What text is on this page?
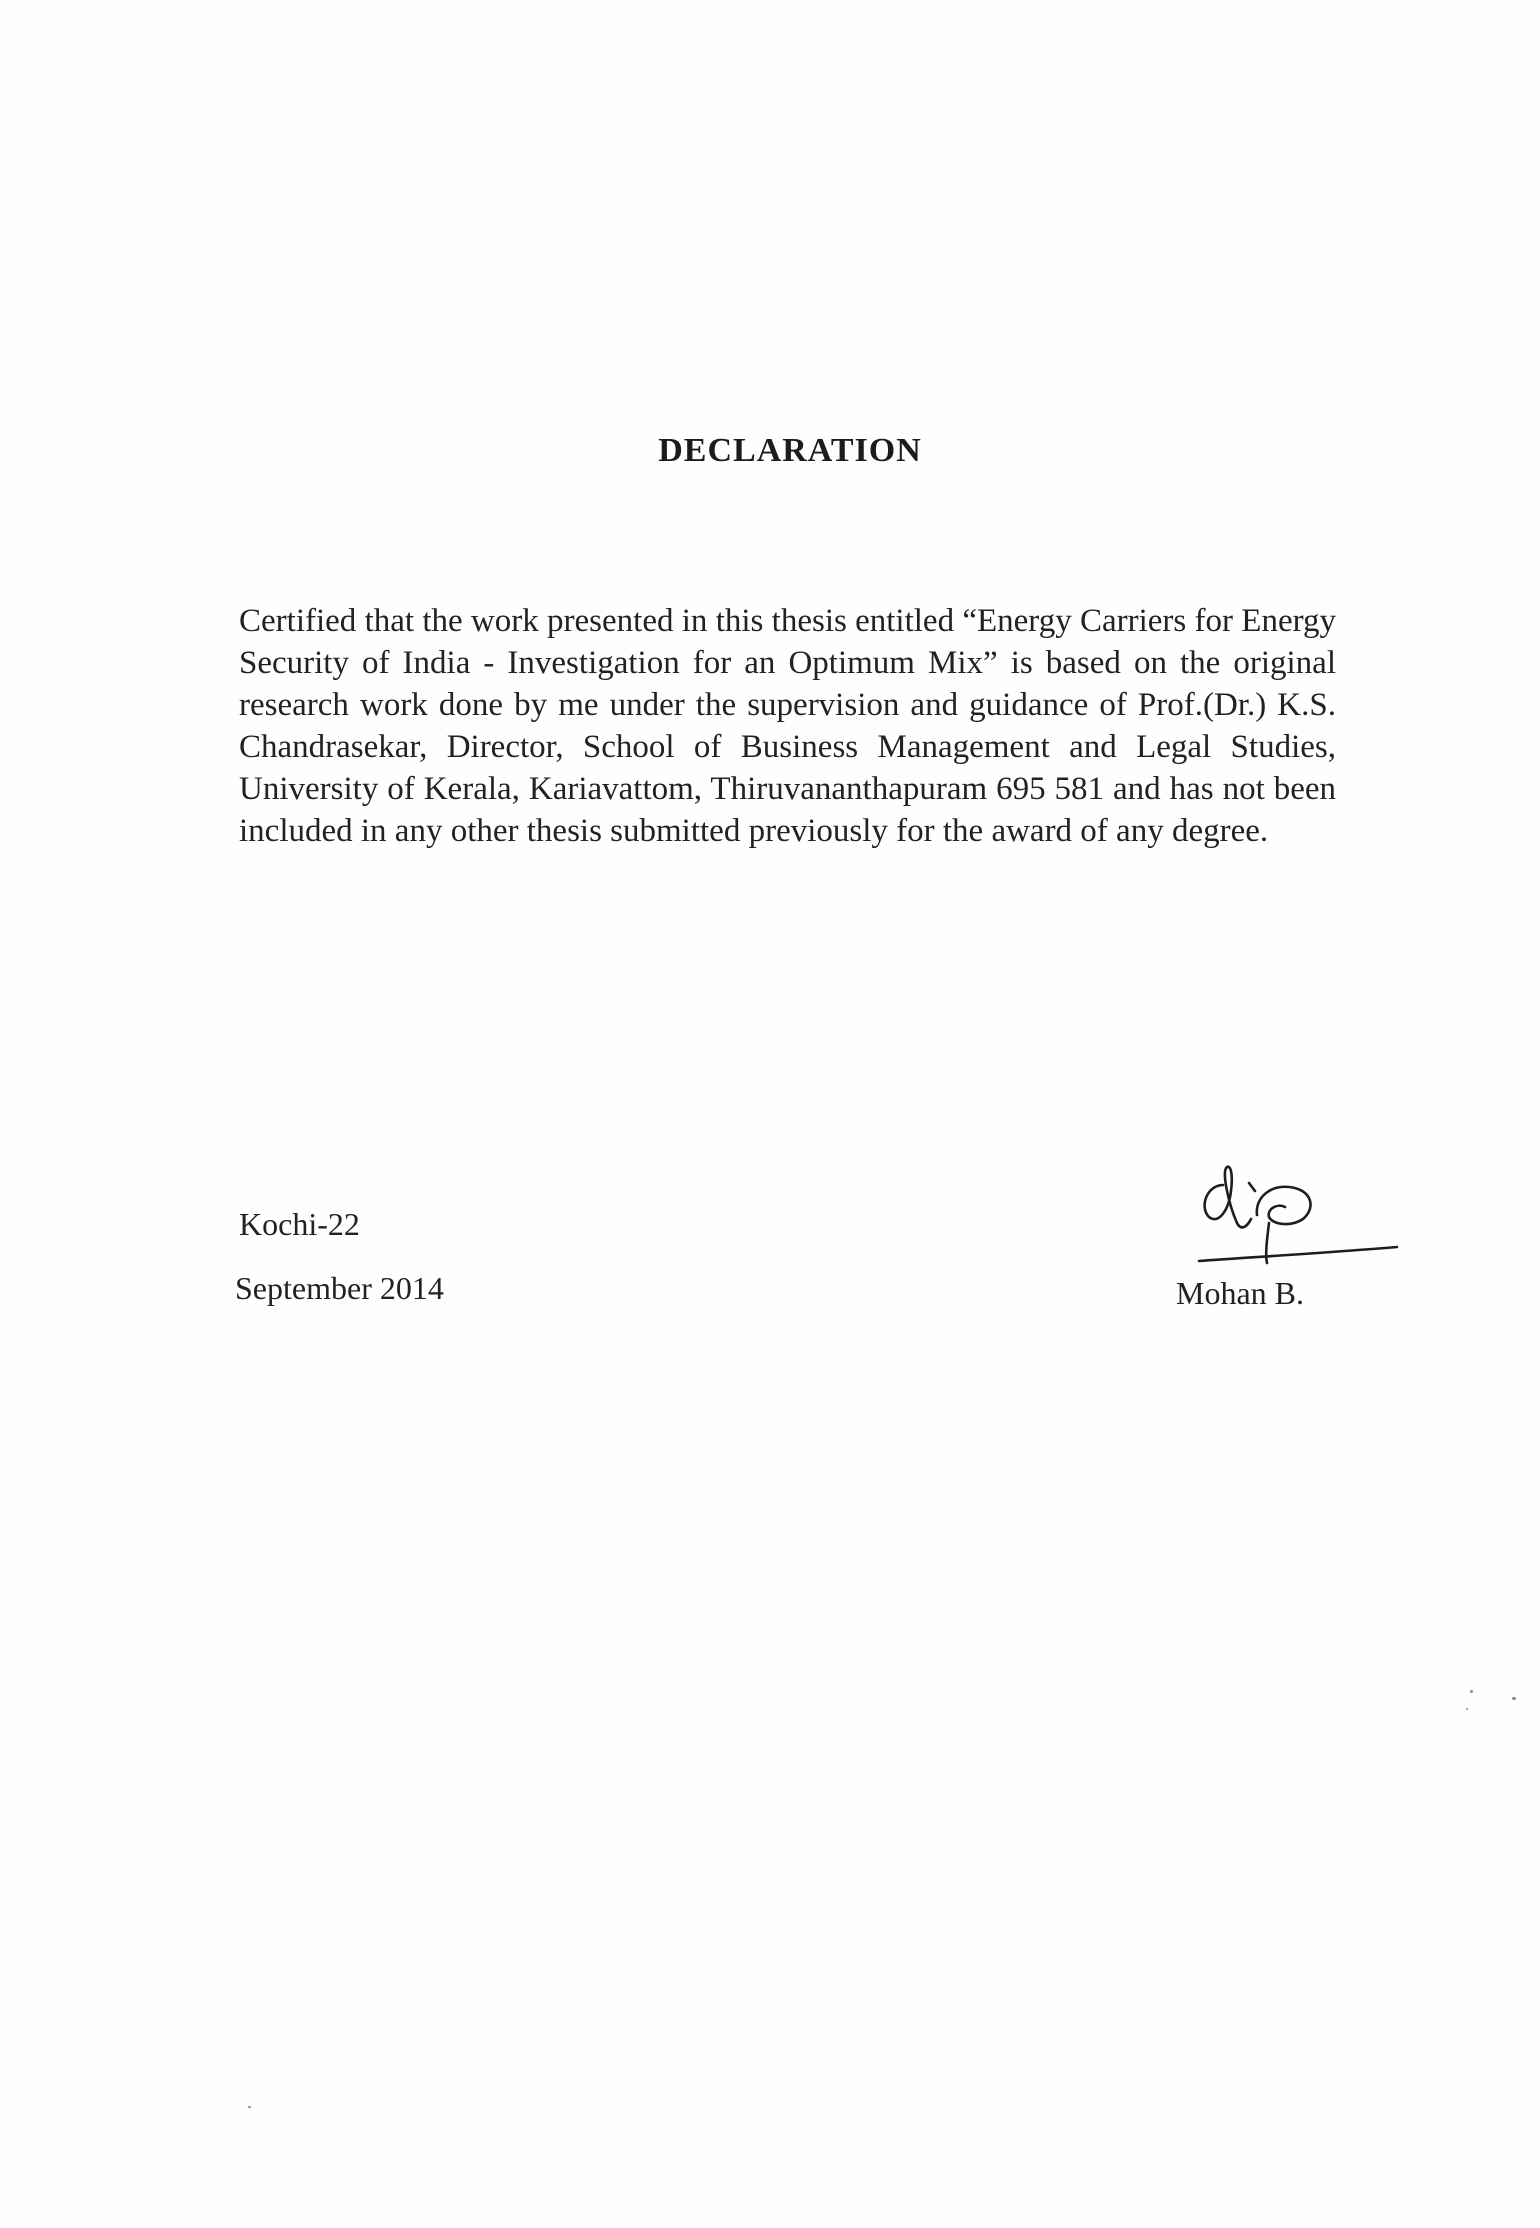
DECLARATION
Certified that the work presented in this thesis entitled “Energy Carriers for Energy Security of India - Investigation for an Optimum Mix” is based on the original research work done by me under the supervision and guidance of Prof.(Dr.) K.S. Chandrasekar, Director, School of Business Management and Legal Studies, University of Kerala, Kariavattom, Thiruvananthapuram 695 581 and has not been included in any other thesis submitted previously for the award of any degree.
Kochi-22
September 2014	Mohan B.
